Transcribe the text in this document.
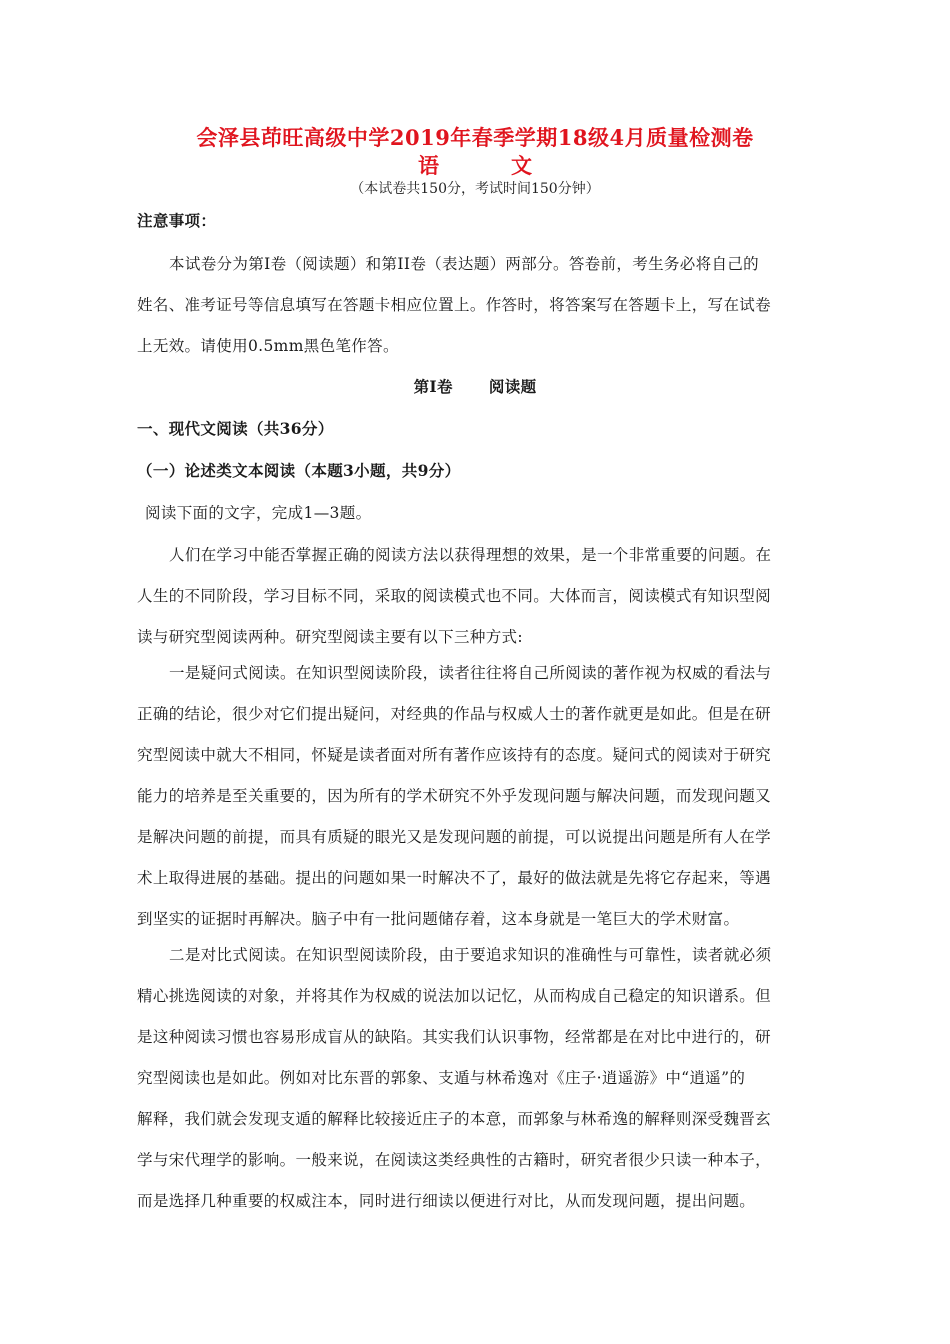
会泽县茚旺高级中学2019年春季学期18级4月质量检测卷
语	文
（本试卷共150分，考试时间150分钟）
注意事项：
本试卷分为第I卷（阅读题）和第II卷（表达题）两部分。答卷前，考生务必将自己的
姓名、准考证号等信息填写在答题卡相应位置上。作答时，将答案写在答题卡上，写在试卷
上无效。请使用0.5mm黑色笔作答。
第I卷 阅读题
一、现代文阅读（共36分）
（一）论述类文本阅读（本题3小题，共9分）
阅读下面的文字，完成1—3题。
人们在学习中能否掌握正确的阅读方法以获得理想的效果，是一个非常重要的问题。在
人生的不同阶段，学习目标不同，采取的阅读模式也不同。大体而言，阅读模式有知识型阅
读与研究型阅读两种。研究型阅读主要有以下三种方式:
一是疑问式阅读。在知识型阅读阶段，读者往往将自己所阅读的著作视为权威的看法与
正确的结论，很少对它们提出疑问，对经典的作品与权威人士的著作就更是如此。但是在研
究型阅读中就大不相同，怀疑是读者面对所有著作应该持有的态度。疑问式的阅读对于研究
能力的培养是至关重要的，因为所有的学术研究不外乎发现问题与解决问题，而发现问题又
是解决问题的前提，而具有质疑的眼光又是发现问题的前提，可以说提出问题是所有人在学
术上取得进展的基础。提出的问题如果一时解决不了，最好的做法就是先将它存起来，等遇
到坚实的证据时再解决。脑子中有一批问题储存着，这本身就是一笔巨大的学术财富。
二是对比式阅读。在知识型阅读阶段，由于要追求知识的准确性与可靠性，读者就必须
精心挑选阅读的对象，并将其作为权威的说法加以记忆，从而构成自己稳定的知识谱系。但
是这种阅读习惯也容易形成盲从的缺陷。其实我们认识事物，经常都是在对比中进行的，研
究型阅读也是如此。例如对比东晋的郭象、支遁与林希逸对《庄子·逍遥游》中“逍遥”的
解释，我们就会发现支遁的解释比较接近庄子的本意，而郭象与林希逸的解释则深受魏晋玄
学与宋代理学的影响。一般来说，在阅读这类经典性的古籍时，研究者很少只读一种本子，
而是选择几种重要的权威注本，同时进行细读以便进行对比，从而发现问题，提出问题。
